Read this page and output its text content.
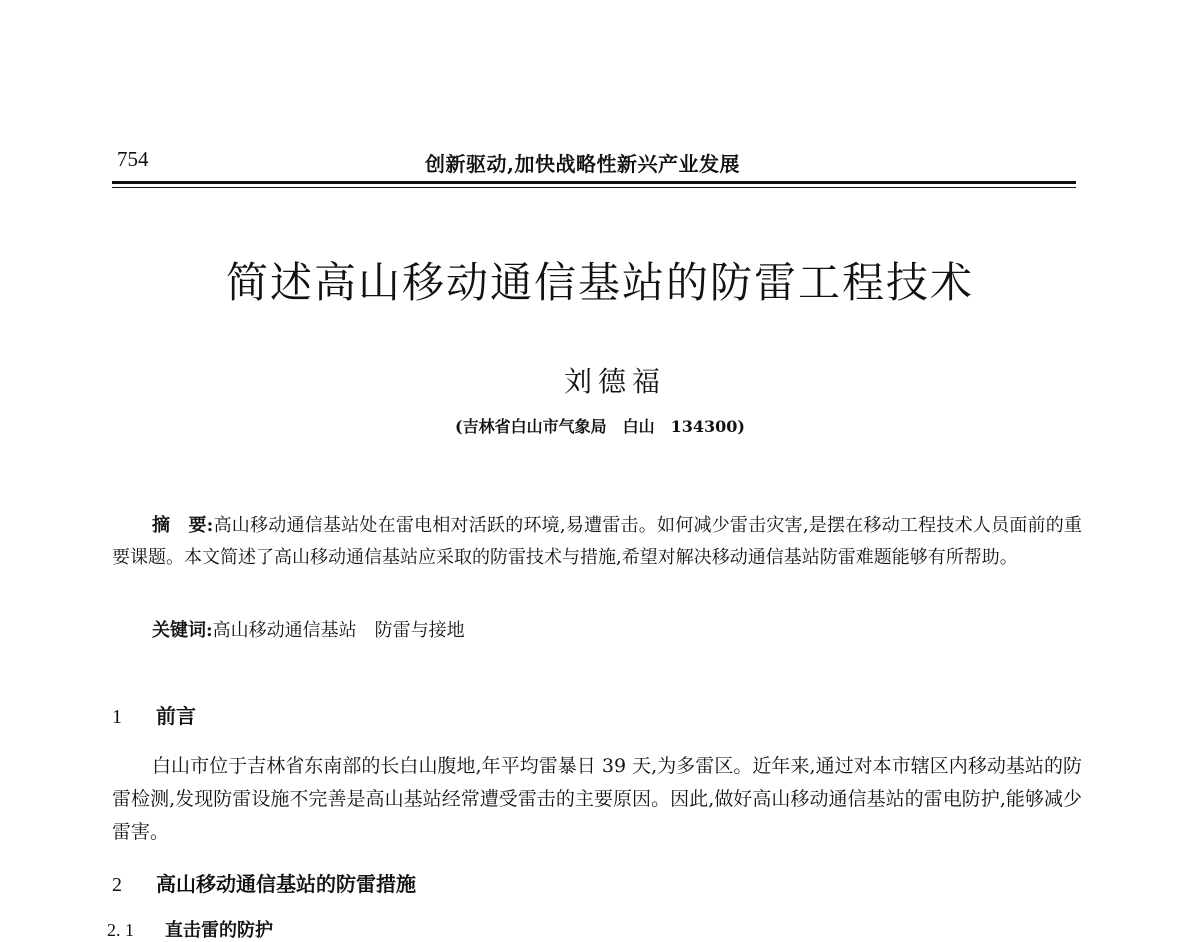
754	创新驱动,加快战略性新兴产业发展
简述高山移动通信基站的防雷工程技术
刘德福
(吉林省白山市气象局　白山　134300)
摘　要:高山移动通信基站处在雷电相对活跃的环境,易遭雷击。如何减少雷击灾害,是摆在移动工程技术人员面前的重要课题。本文简述了高山移动通信基站应采取的防雷技术与措施,希望对解决移动通信基站防雷难题能够有所帮助。
关键词:高山移动通信基站　防雷与接地
1 前言
白山市位于吉林省东南部的长白山腹地,年平均雷暴日 39 天,为多雷区。近年来,通过对本市辖区内移动基站的防雷检测,发现防雷设施不完善是高山基站经常遭受雷击的主要原因。因此,做好高山移动通信基站的雷电防护,能够减少雷害。
2 高山移动通信基站的防雷措施
2. 1 直击雷的防护
